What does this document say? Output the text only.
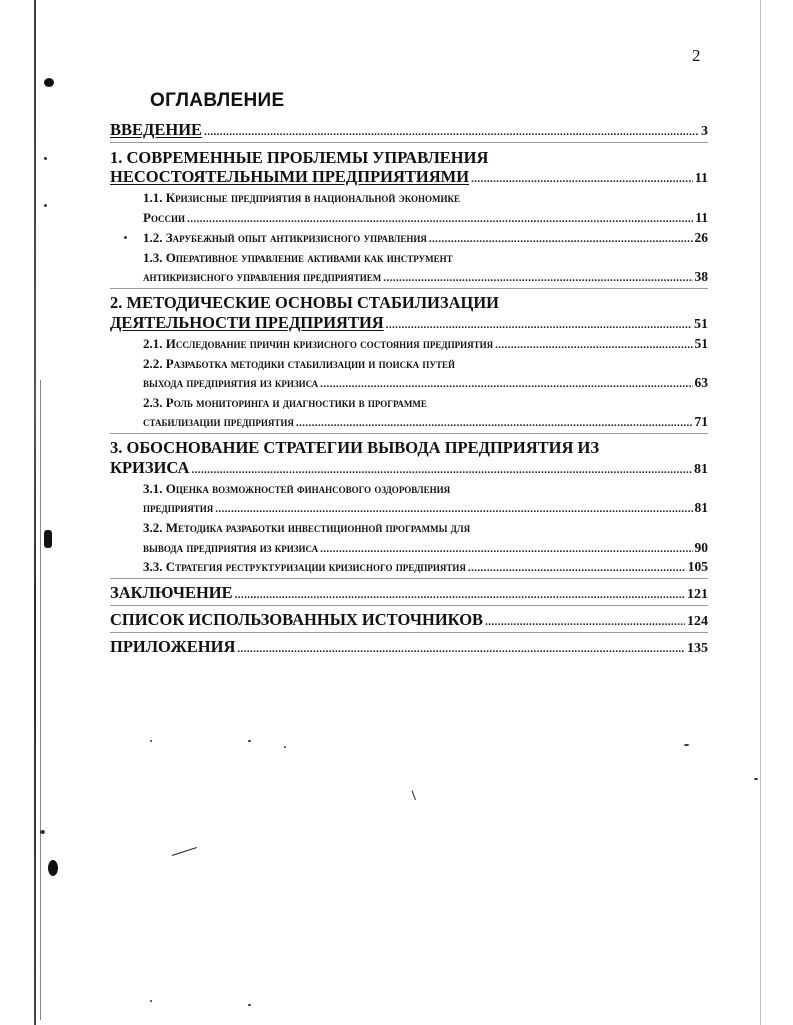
2
ОГЛАВЛЕНИЕ
ВВЕДЕНИЕ .....	3
1. СОВРЕМЕННЫЕ ПРОБЛЕМЫ УПРАВЛЕНИЯ
НЕСОСТОЯТЕЛЬНЫМИ ПРЕДПРИЯТИЯМИ .....	11
1.1. Кризисные предприятия в национальной экономике
России .....	11
1.2. Зарубежный опыт антикризисного управления .....	26
1.3. Оперативное управление активами как инструмент
антикризисного управления предприятием .....	38
2. МЕТОДИЧЕСКИЕ ОСНОВЫ СТАБИЛИЗАЦИИ
ДЕЯТЕЛЬНОСТИ ПРЕДПРИЯТИЯ .....	51
2.1. Исследование причин кризисного состояния предприятия .....	51
2.2. Разработка методики стабилизации и поиска путей
выхода предприятия из кризиса .....	63
2.3. Роль мониторинга и диагностики в программе
стабилизации предприятия .....	71
3. ОБОСНОВАНИЕ СТРАТЕГИИ ВЫВОДА ПРЕДПРИЯТИЯ ИЗ
КРИЗИСА .....	81
3.1. Оценка возможностей финансового оздоровления
предприятия .....	81
3.2. Методика разработки инвестиционной программы для
вывода предприятия из кризиса .....	90
3.3. Стратегия реструктуризации кризисного предприятия .....	105
ЗАКЛЮЧЕНИЕ .....	121
СПИСОК ИСПОЛЬЗОВАННЫХ ИСТОЧНИКОВ .....	124
ПРИЛОЖЕНИЯ .....	135
